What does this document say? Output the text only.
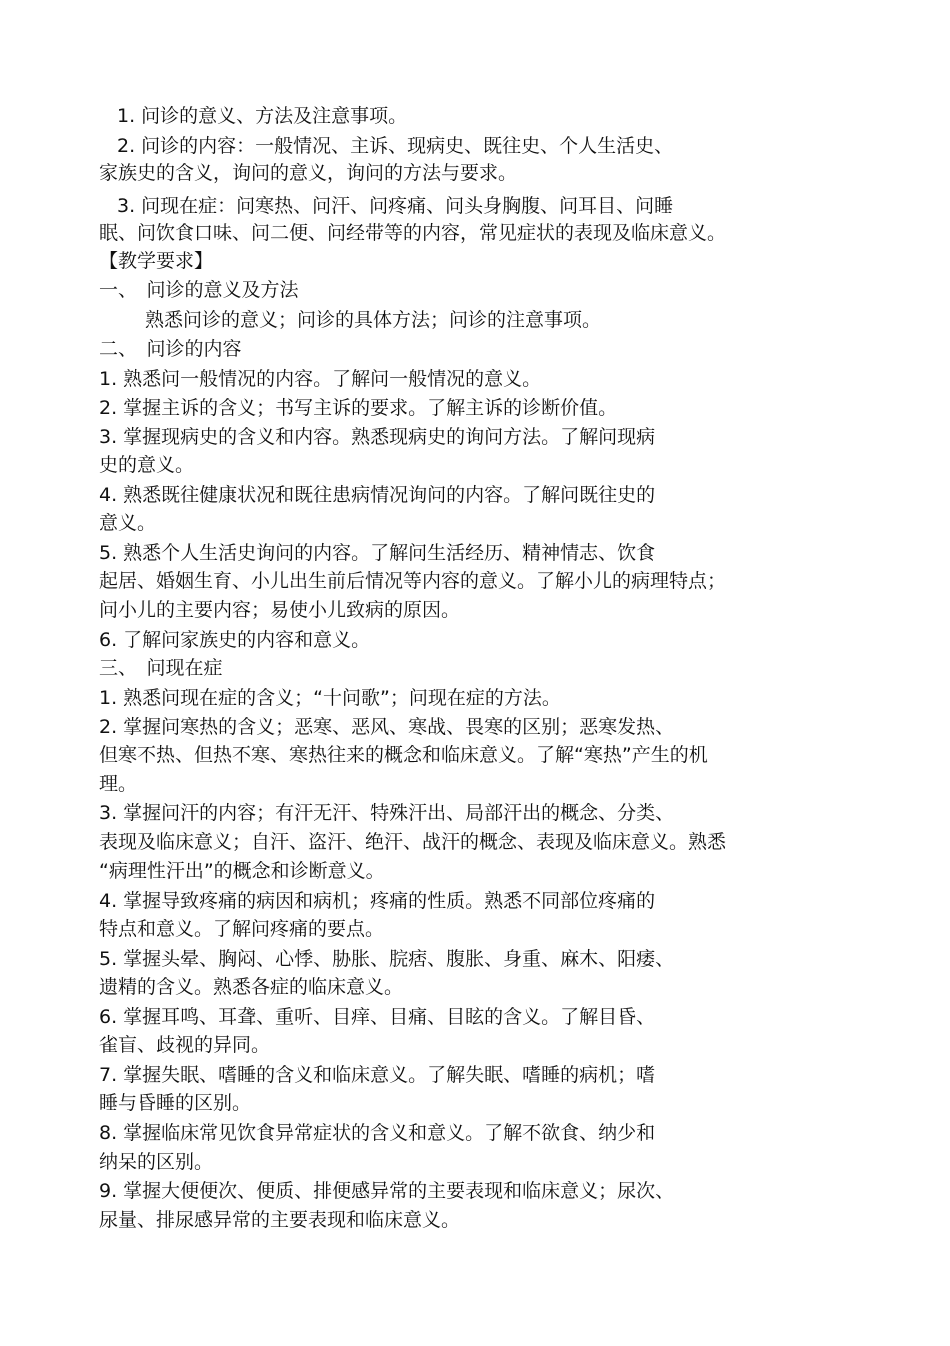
1. 问诊的意义、方法及注意事项。

2. 问诊的内容：一般情况、主诉、现病史、既往史、个人生活史、

家族史的含义，询问的意义，询问的方法与要求。

3. 问现在症：问寒热、问汗、问疼痛、问头身胸腹、问耳目、问睡

眠、问饮食口味、问二便、问经带等的内容，常见症状的表现及临床意义。

【教学要求】

一、　问诊的意义及方法

熟悉问诊的意义；问诊的具体方法；问诊的注意事项。

二、　问诊的内容

1. 熟悉问一般情况的内容。了解问一般情况的意义。

2. 掌握主诉的含义；书写主诉的要求。了解主诉的诊断价值。

3. 掌握现病史的含义和内容。熟悉现病史的询问方法。了解问现病

史的意义。

4. 熟悉既往健康状况和既往患病情况询问的内容。了解问既往史的

意义。

5. 熟悉个人生活史询问的内容。了解问生活经历、精神情志、饮食

起居、婚姻生育、小儿出生前后情况等内容的意义。了解小儿的病理特点；

问小儿的主要内容；易使小儿致病的原因。

6. 了解问家族史的内容和意义。

三、　问现在症

1. 熟悉问现在症的含义；“十问歌”；问现在症的方法。

2. 掌握问寒热的含义；恶寒、恶风、寒战、畏寒的区别；恶寒发热、

但寒不热、但热不寒、寒热往来的概念和临床意义。了解“寒热”产生的机

理。

3. 掌握问汗的内容；有汗无汗、特殊汗出、局部汗出的概念、分类、

表现及临床意义；自汗、盗汗、绝汗、战汗的概念、表现及临床意义。熟悉

“病理性汗出”的概念和诊断意义。

4. 掌握导致疼痛的病因和病机；疼痛的性质。熟悉不同部位疼痛的

特点和意义。了解问疼痛的要点。

5. 掌握头晕、胸闷、心悸、胁胀、脘痞、腹胀、身重、麻木、阳痿、

遗精的含义。熟悉各症的临床意义。

6. 掌握耳鸣、耳聋、重听、目痒、目痛、目眩的含义。了解目昏、

雀盲、歧视的异同。

7. 掌握失眠、嗜睡的含义和临床意义。了解失眠、嗜睡的病机；嗜

睡与昏睡的区别。

8. 掌握临床常见饮食异常症状的含义和意义。了解不欲食、纳少和

纳呆的区别。

9. 掌握大便便次、便质、排便感异常的主要表现和临床意义；尿次、

尿量、排尿感异常的主要表现和临床意义。
